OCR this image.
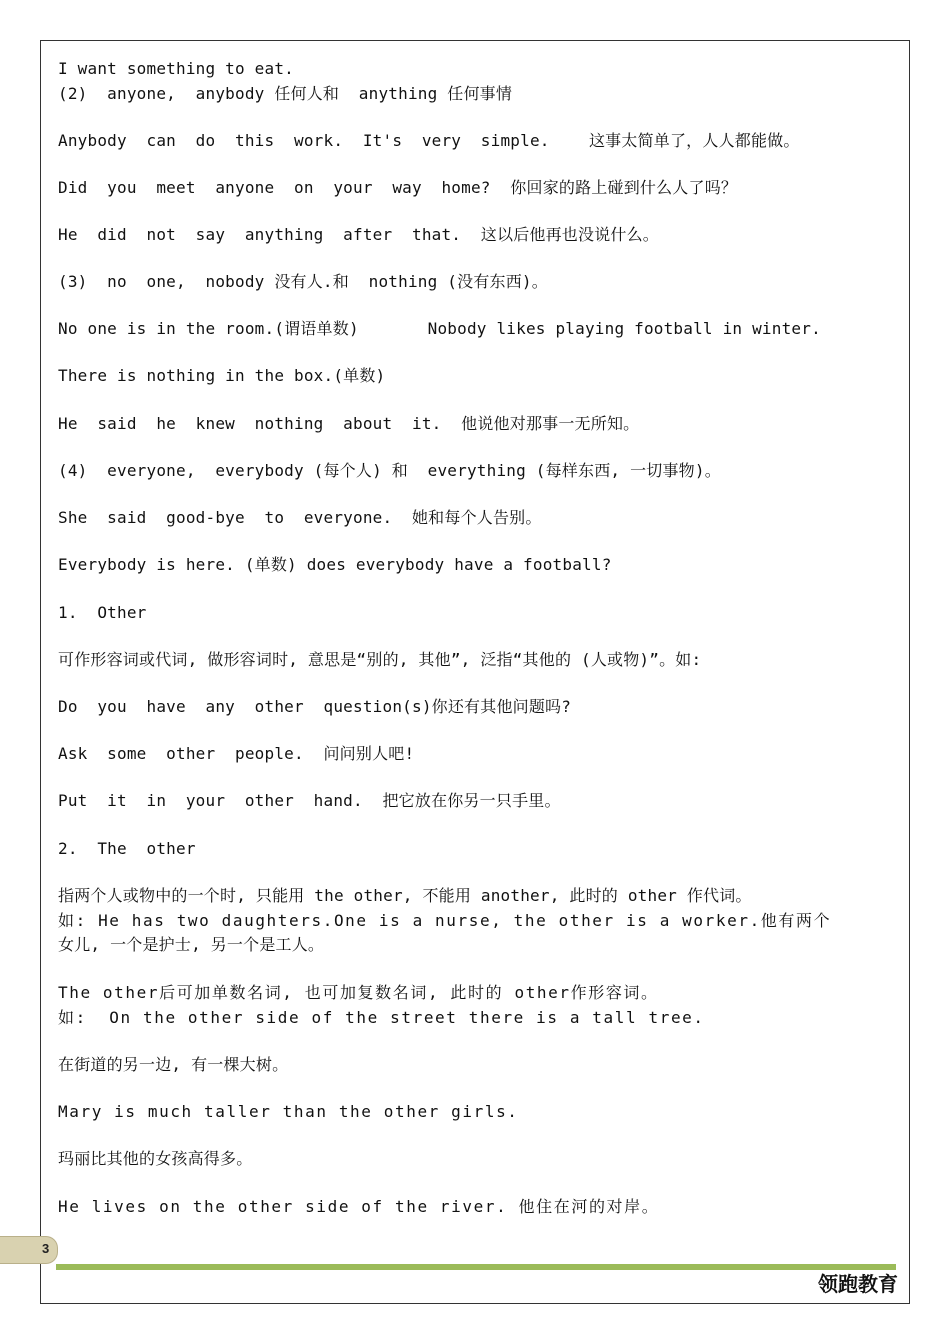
I want something to eat.
(2)  anyone,  anybody 任何人和  anything 任何事情
Anybody  can  do  this  work.  It's  very  simple.    这事太简单了，人人都能做。
Did  you  meet  anyone  on  your  way  home?  你回家的路上碰到什么人了吗？
He  did  not  say  anything  after  that.  这以后他再也没说什么。
(3)  no  one,  nobody 没有人.和  nothing (没有东西)。
No one is in the room.(谓语单数)       Nobody likes playing football in winter.
There is nothing in the box.(单数)
He  said  he  knew  nothing  about  it.  他说他对那事一无所知。
(4)  everyone,  everybody (每个人) 和  everything (每样东西, 一切事物)。
She  said  good-bye  to  everyone.  她和每个人告别。
Everybody is here. (单数) does everybody have a football?
1.  Other
可作形容词或代词, 做形容词时, 意思是“别的, 其他”, 泛指“其他的 (人或物)”。如:
Do  you  have  any  other  question(s)你还有其他问题吗?
Ask  some  other  people.  问问别人吧!
Put  it  in  your  other  hand.  把它放在你另一只手里。
2.  The  other
指两个人或物中的一个时, 只能用 the other, 不能用 another, 此时的 other 作代词。
如: He has two daughters.One is a nurse, the other is a worker.他有两个
女儿, 一个是护士, 另一个是工人。
The other后可加单数名词, 也可加复数名词, 此时的 other作形容词。
如:  On the other side of the street there is a tall tree.
在街道的另一边, 有一棵大树。
Mary is much taller than the other girls.
玛丽比其他的女孩高得多。
He lives on the other side of the river. 他住在河的对岸。
3
领跑教育
